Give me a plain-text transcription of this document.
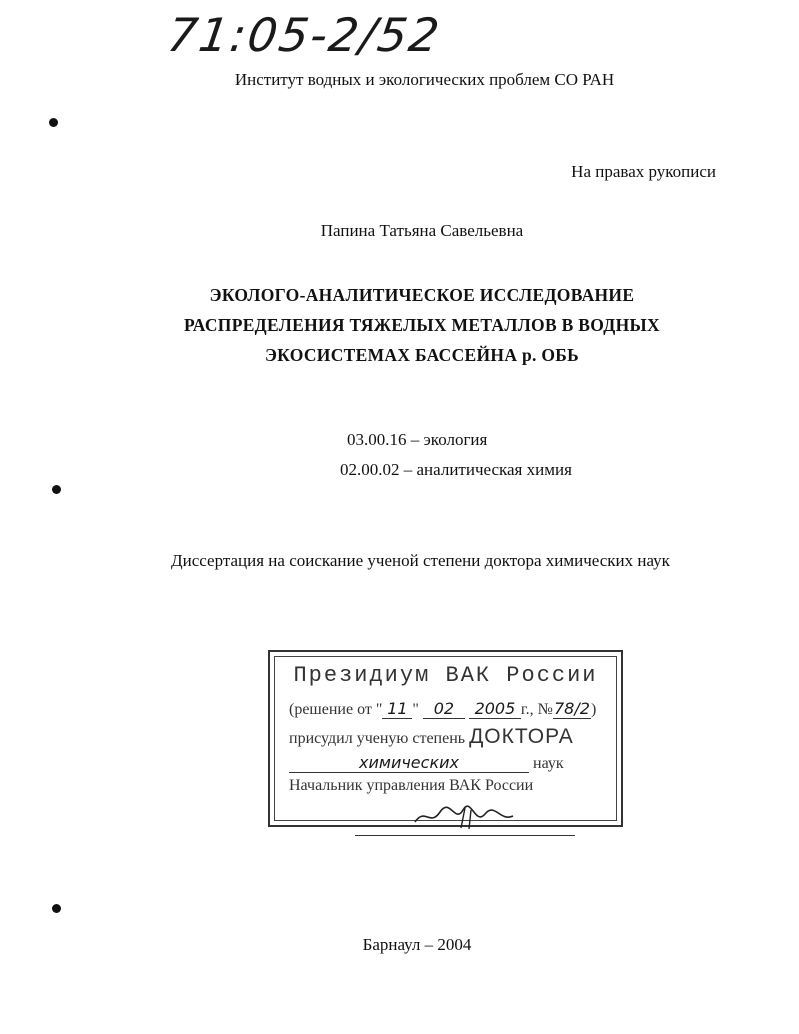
71:05-2/52
Институт водных и экологических проблем СО РАН
На правах рукописи
Папина Татьяна Савельевна
ЭКОЛОГО-АНАЛИТИЧЕСКОЕ ИССЛЕДОВАНИЕ
РАСПРЕДЕЛЕНИЯ ТЯЖЕЛЫХ МЕТАЛЛОВ В ВОДНЫХ
ЭКОСИСТЕМАХ БАССЕЙНА р. ОБЬ
03.00.16 – экология
02.00.02 – аналитическая химия
Диссертация на соискание ученой степени доктора химических наук
Президиум ВАК России
(решение от " 11 " 02 2005 г., №78/2)
присудил ученую степень ДОКТОРА
химических	наук
Начальник управления ВАК России
Барнаул – 2004
